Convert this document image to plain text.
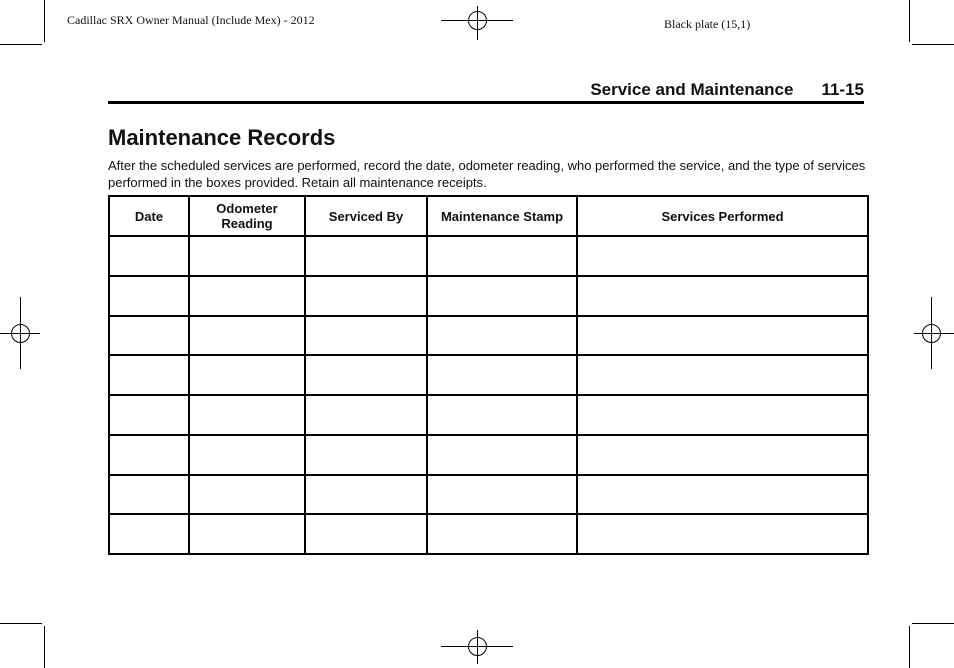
Cadillac SRX Owner Manual (Include Mex) - 2012	Black plate (15,1)
Service and Maintenance 11-15
Maintenance Records

After the scheduled services are performed, record the date, odometer reading, who performed the service, and the type of services performed in the boxes provided. Retain all maintenance receipts.

Date	Odometer Reading	Serviced By	Maintenance Stamp	Services Performed
